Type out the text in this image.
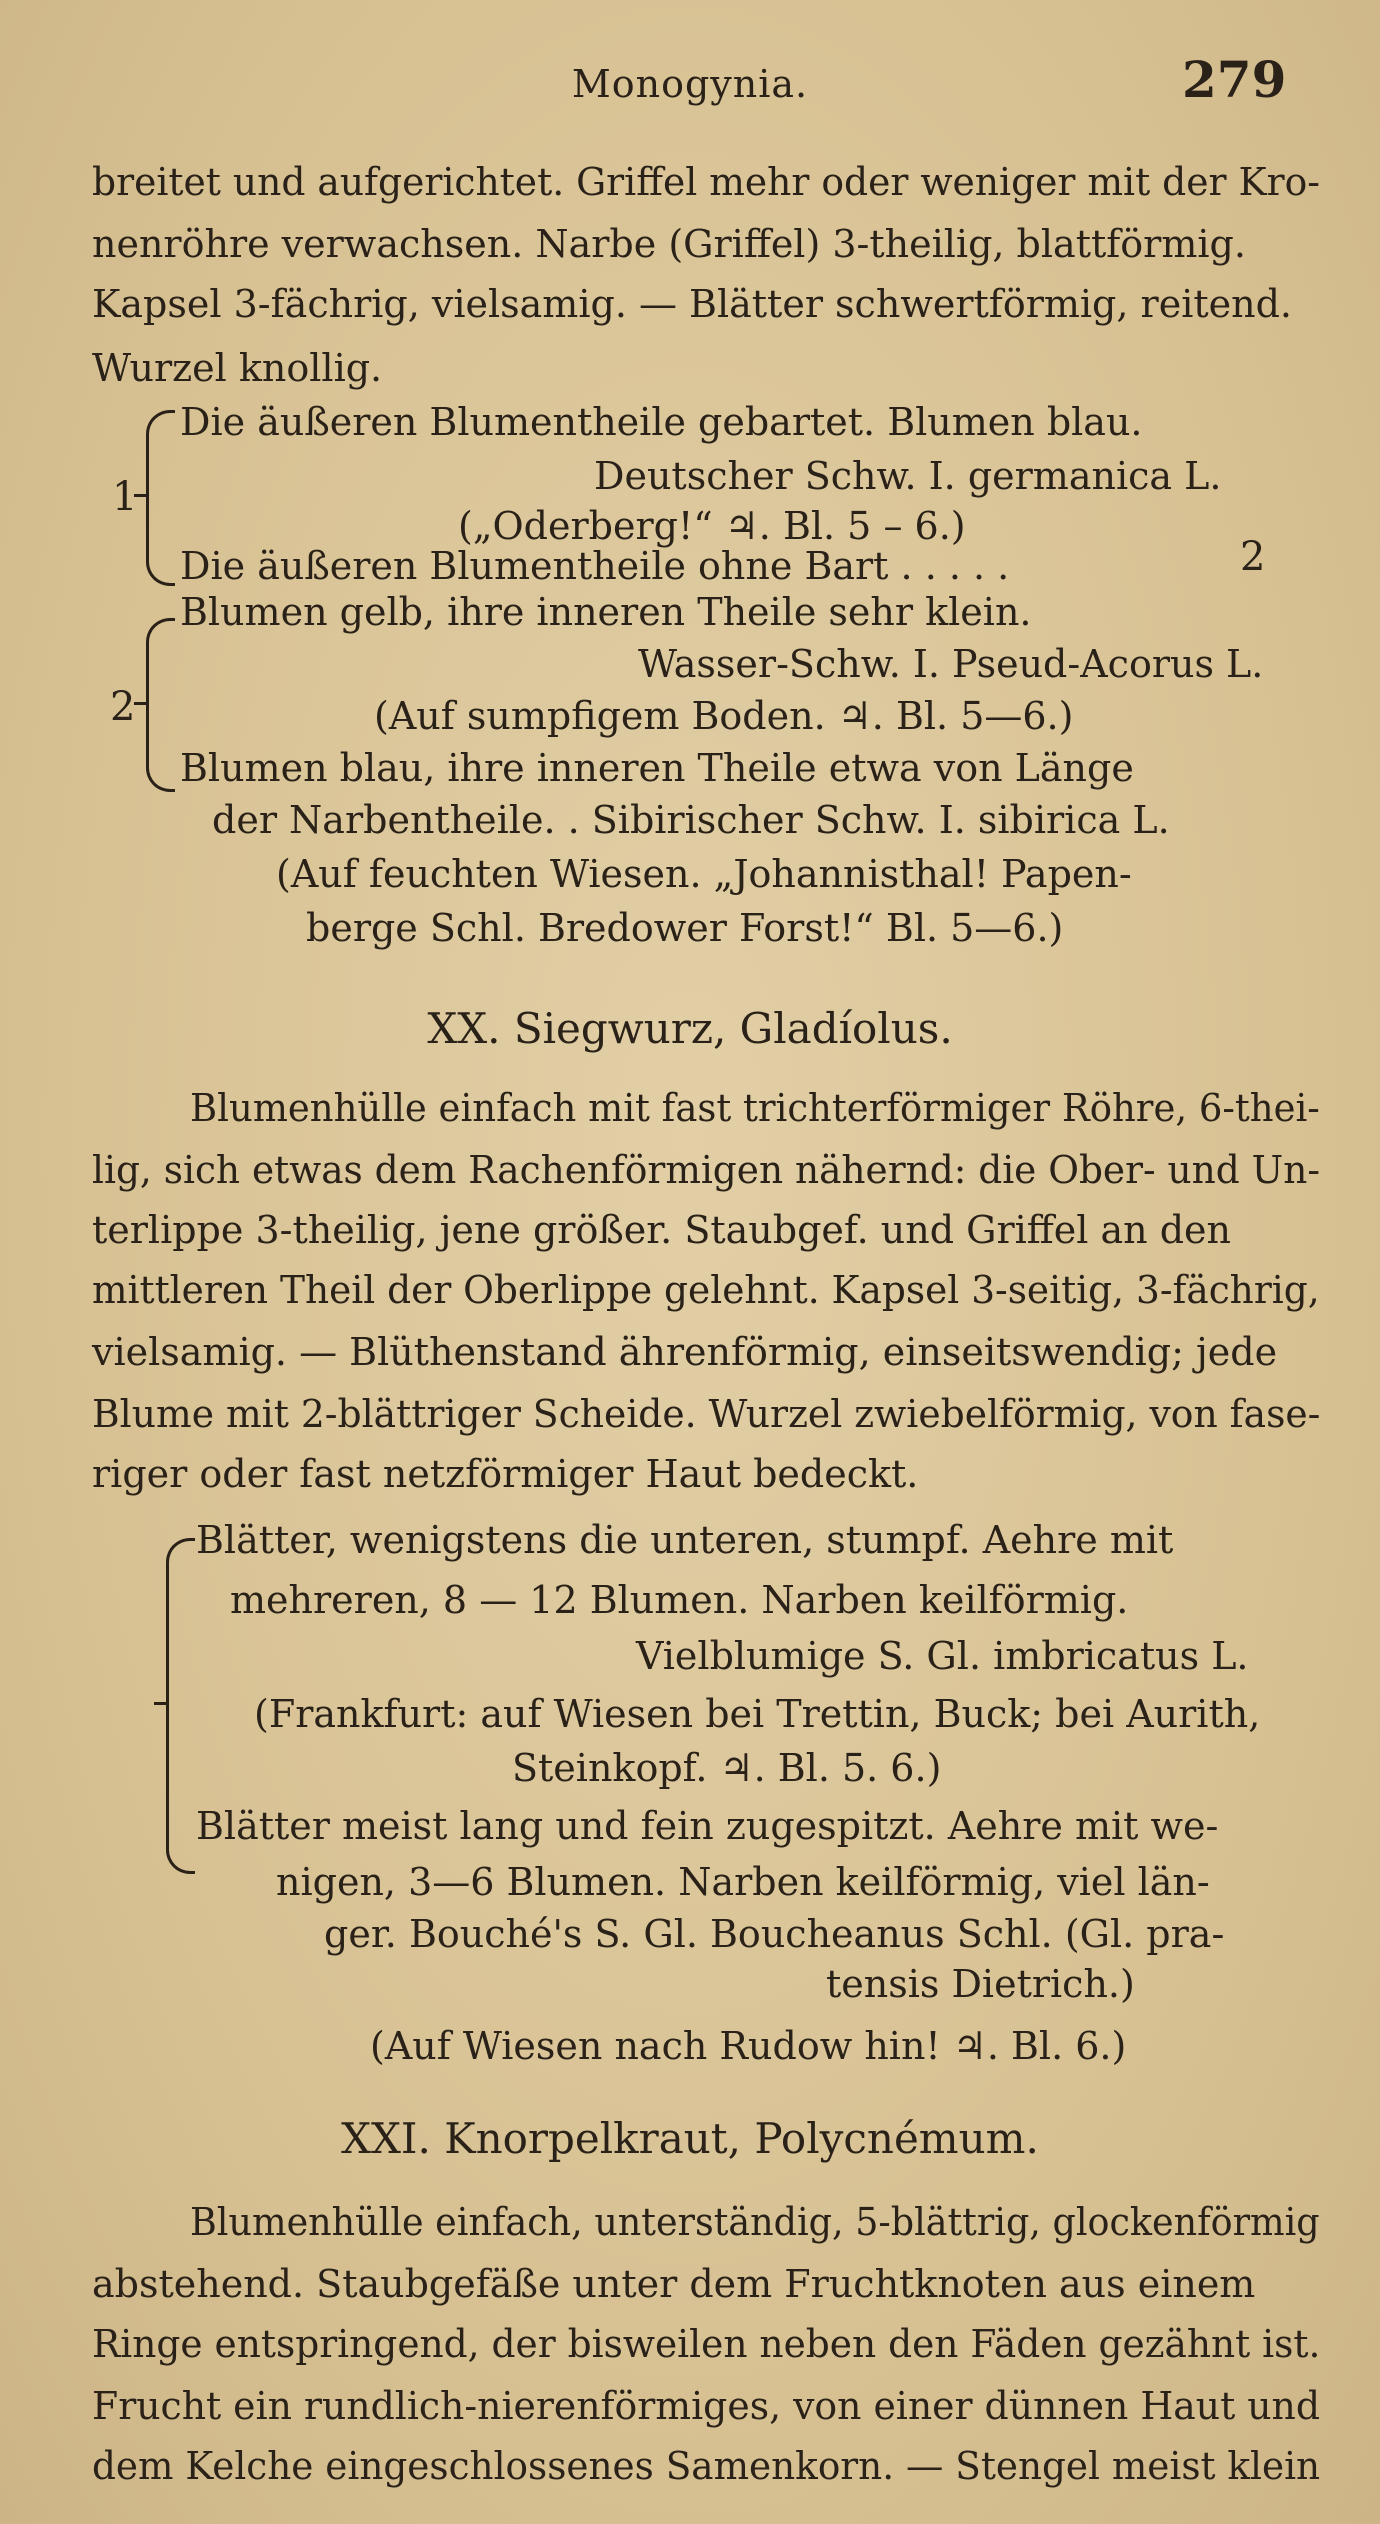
Monogynia.	279
breitet und aufgerichtet. Griffel mehr oder weniger mit der Kro-
nenröhre verwachsen. Narbe (Griffel) 3-theilig, blattförmig.
Kapsel 3-fächrig, vielsamig. — Blätter schwertförmig, reitend.
Wurzel knollig.
1
Die äußeren Blumentheile gebartet. Blumen blau.
Deutscher Schw. I. germanica L.
(„Oderberg!“ ♃. Bl. 5 – 6.)
Die äußeren Blumentheile ohne Bart . . . . .	2
2
Blumen gelb, ihre inneren Theile sehr klein.
Wasser-Schw. I. Pseud-Acorus L.
(Auf sumpfigem Boden. ♃. Bl. 5—6.)
Blumen blau, ihre inneren Theile etwa von Länge
der Narbentheile. . Sibirischer Schw. I. sibirica L.
(Auf feuchten Wiesen. „Johannisthal! Papen-
berge Schl. Bredower Forst!“ Bl. 5—6.)
XX. Siegwurz, Gladíolus.
Blumenhülle einfach mit fast trichterförmiger Röhre, 6-thei-
lig, sich etwas dem Rachenförmigen nähernd: die Ober- und Un-
terlippe 3-theilig, jene größer. Staubgef. und Griffel an den
mittleren Theil der Oberlippe gelehnt. Kapsel 3-seitig, 3-fächrig,
vielsamig. — Blüthenstand ährenförmig, einseitswendig; jede
Blume mit 2-blättriger Scheide. Wurzel zwiebelförmig, von fase-
riger oder fast netzförmiger Haut bedeckt.
Blätter, wenigstens die unteren, stumpf. Aehre mit
mehreren, 8 — 12 Blumen. Narben keilförmig.
Vielblumige S. Gl. imbricatus L.
(Frankfurt: auf Wiesen bei Trettin, Buck; bei Aurith,
Steinkopf. ♃. Bl. 5. 6.)
Blätter meist lang und fein zugespitzt. Aehre mit we-
nigen, 3—6 Blumen. Narben keilförmig, viel län-
ger. Bouché's S. Gl. Boucheanus Schl. (Gl. pra-
tensis Dietrich.)
(Auf Wiesen nach Rudow hin! ♃. Bl. 6.)
XXI. Knorpelkraut, Polycnémum.
Blumenhülle einfach, unterständig, 5-blättrig, glockenförmig
abstehend. Staubgefäße unter dem Fruchtknoten aus einem
Ringe entspringend, der bisweilen neben den Fäden gezähnt ist.
Frucht ein rundlich-nierenförmiges, von einer dünnen Haut und
dem Kelche eingeschlossenes Samenkorn. — Stengel meist klein
